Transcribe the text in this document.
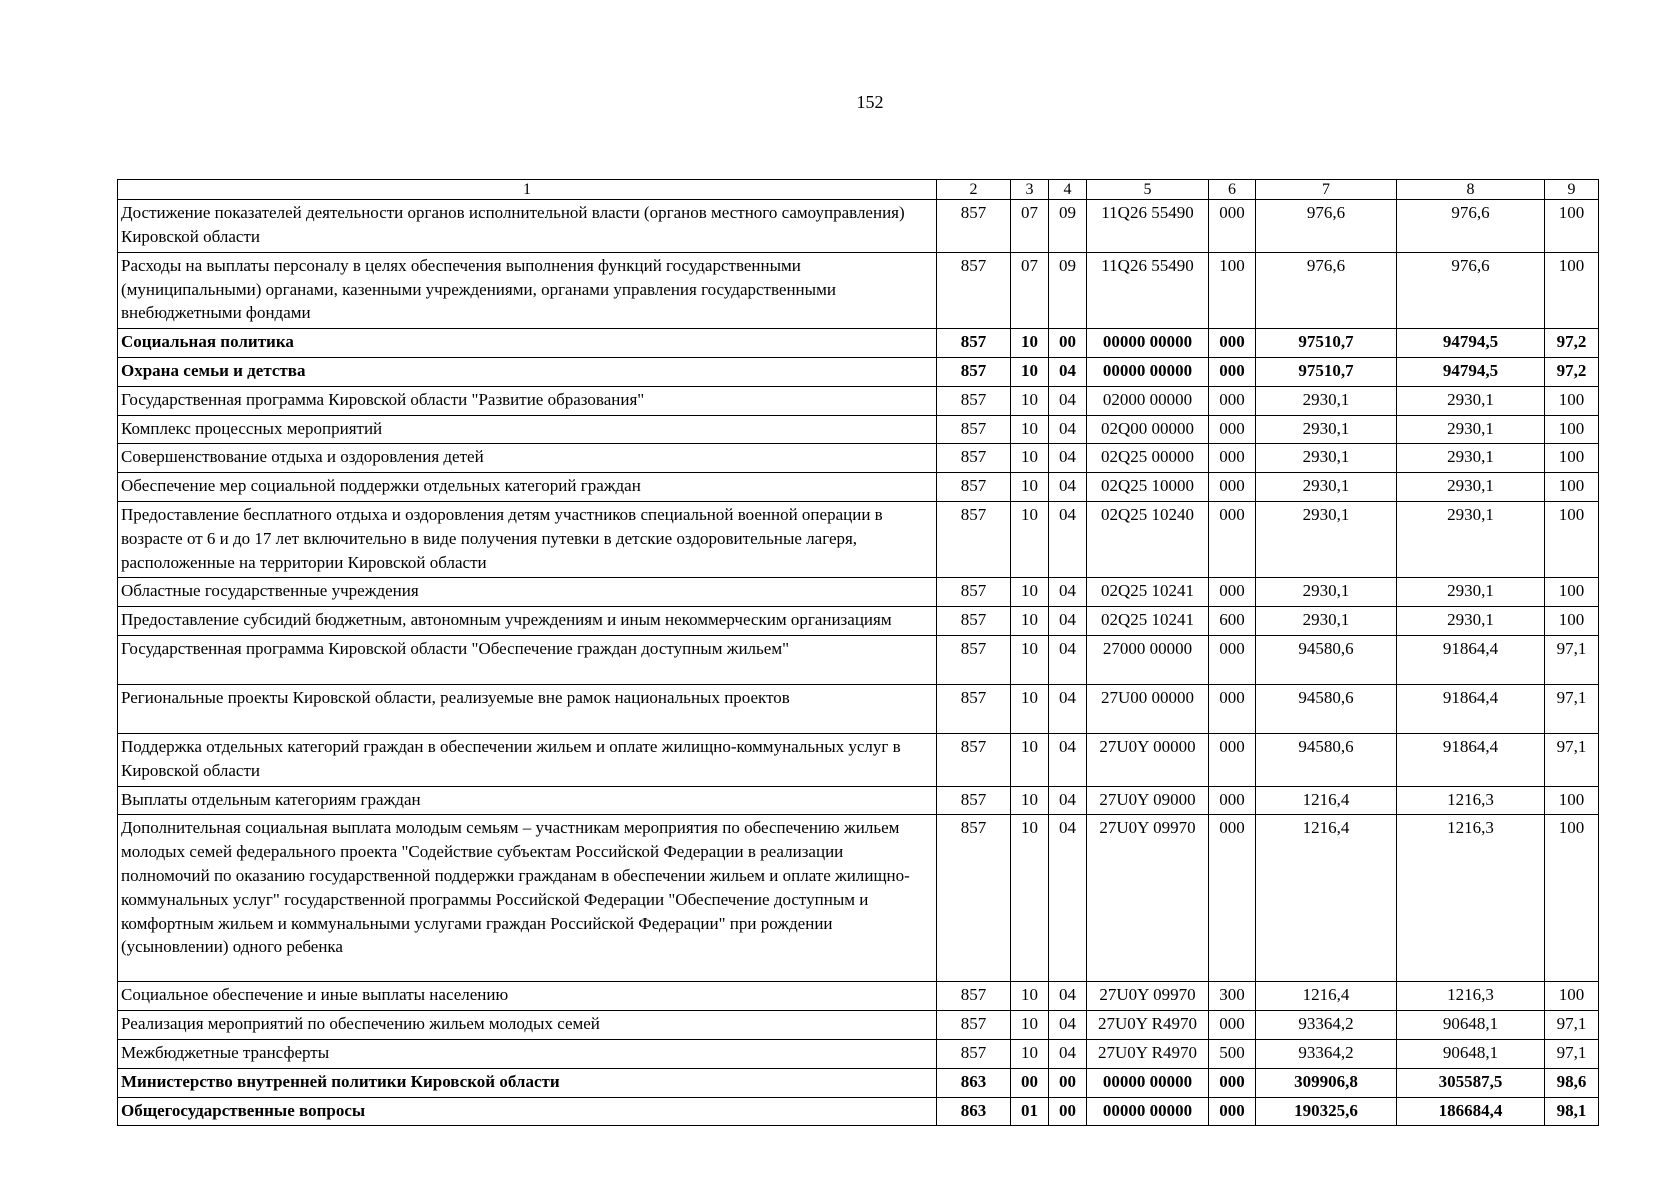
152
1	2	3	4	5	6	7	8	9
Достижение показателей деятельности органов исполнительной власти (органов местного самоуправления) Кировской области	857	07	09	11Q26 55490	000	976,6	976,6	100
Расходы на выплаты персоналу в целях обеспечения выполнения функций государственными (муниципальными) органами, казенными учреждениями, органами управления государственными внебюджетными фондами	857	07	09	11Q26 55490	100	976,6	976,6	100
Социальная политика	857	10	00	00000 00000	000	97510,7	94794,5	97,2
Охрана семьи и детства	857	10	04	00000 00000	000	97510,7	94794,5	97,2
Государственная программа Кировской области "Развитие образования"	857	10	04	02000 00000	000	2930,1	2930,1	100
Комплекс процессных мероприятий	857	10	04	02Q00 00000	000	2930,1	2930,1	100
Совершенствование отдыха и оздоровления детей	857	10	04	02Q25 00000	000	2930,1	2930,1	100
Обеспечение мер социальной поддержки отдельных категорий граждан	857	10	04	02Q25 10000	000	2930,1	2930,1	100
Предоставление бесплатного отдыха и оздоровления детям участников специальной военной операции в возрасте от 6 и до 17 лет включительно в виде получения путевки в детские оздоровительные лагеря, расположенные на территории Кировской области	857	10	04	02Q25 10240	000	2930,1	2930,1	100
Областные государственные учреждения	857	10	04	02Q25 10241	000	2930,1	2930,1	100
Предоставление субсидий бюджетным, автономным учреждениям и иным некоммерческим организациям	857	10	04	02Q25 10241	600	2930,1	2930,1	100
Государственная программа Кировской области "Обеспечение граждан доступным жильем"	857	10	04	27000 00000	000	94580,6	91864,4	97,1
Региональные проекты Кировской области, реализуемые вне рамок национальных проектов	857	10	04	27U00 00000	000	94580,6	91864,4	97,1
Поддержка отдельных категорий граждан в обеспечении жильем и оплате жилищно-коммунальных услуг в Кировской области	857	10	04	27U0Y 00000	000	94580,6	91864,4	97,1
Выплаты отдельным категориям граждан	857	10	04	27U0Y 09000	000	1216,4	1216,3	100
Дополнительная социальная выплата молодым семьям – участникам мероприятия по обеспечению жильем молодых семей федерального проекта "Содействие субъектам Российской Федерации в реализации полномочий по оказанию государственной поддержки гражданам в обеспечении жильем и оплате жилищно-коммунальных услуг" государственной программы Российской Федерации "Обеспечение доступным и комфортным жильем и коммунальными услугами граждан Российской Федерации" при рождении (усыновлении) одного ребенка	857	10	04	27U0Y 09970	000	1216,4	1216,3	100
Социальное обеспечение и иные выплаты населению	857	10	04	27U0Y 09970	300	1216,4	1216,3	100
Реализация мероприятий по обеспечению жильем молодых семей	857	10	04	27U0Y R4970	000	93364,2	90648,1	97,1
Межбюджетные трансферты	857	10	04	27U0Y R4970	500	93364,2	90648,1	97,1
Министерство внутренней политики Кировской области	863	00	00	00000 00000	000	309906,8	305587,5	98,6
Общегосударственные вопросы	863	01	00	00000 00000	000	190325,6	186684,4	98,1
